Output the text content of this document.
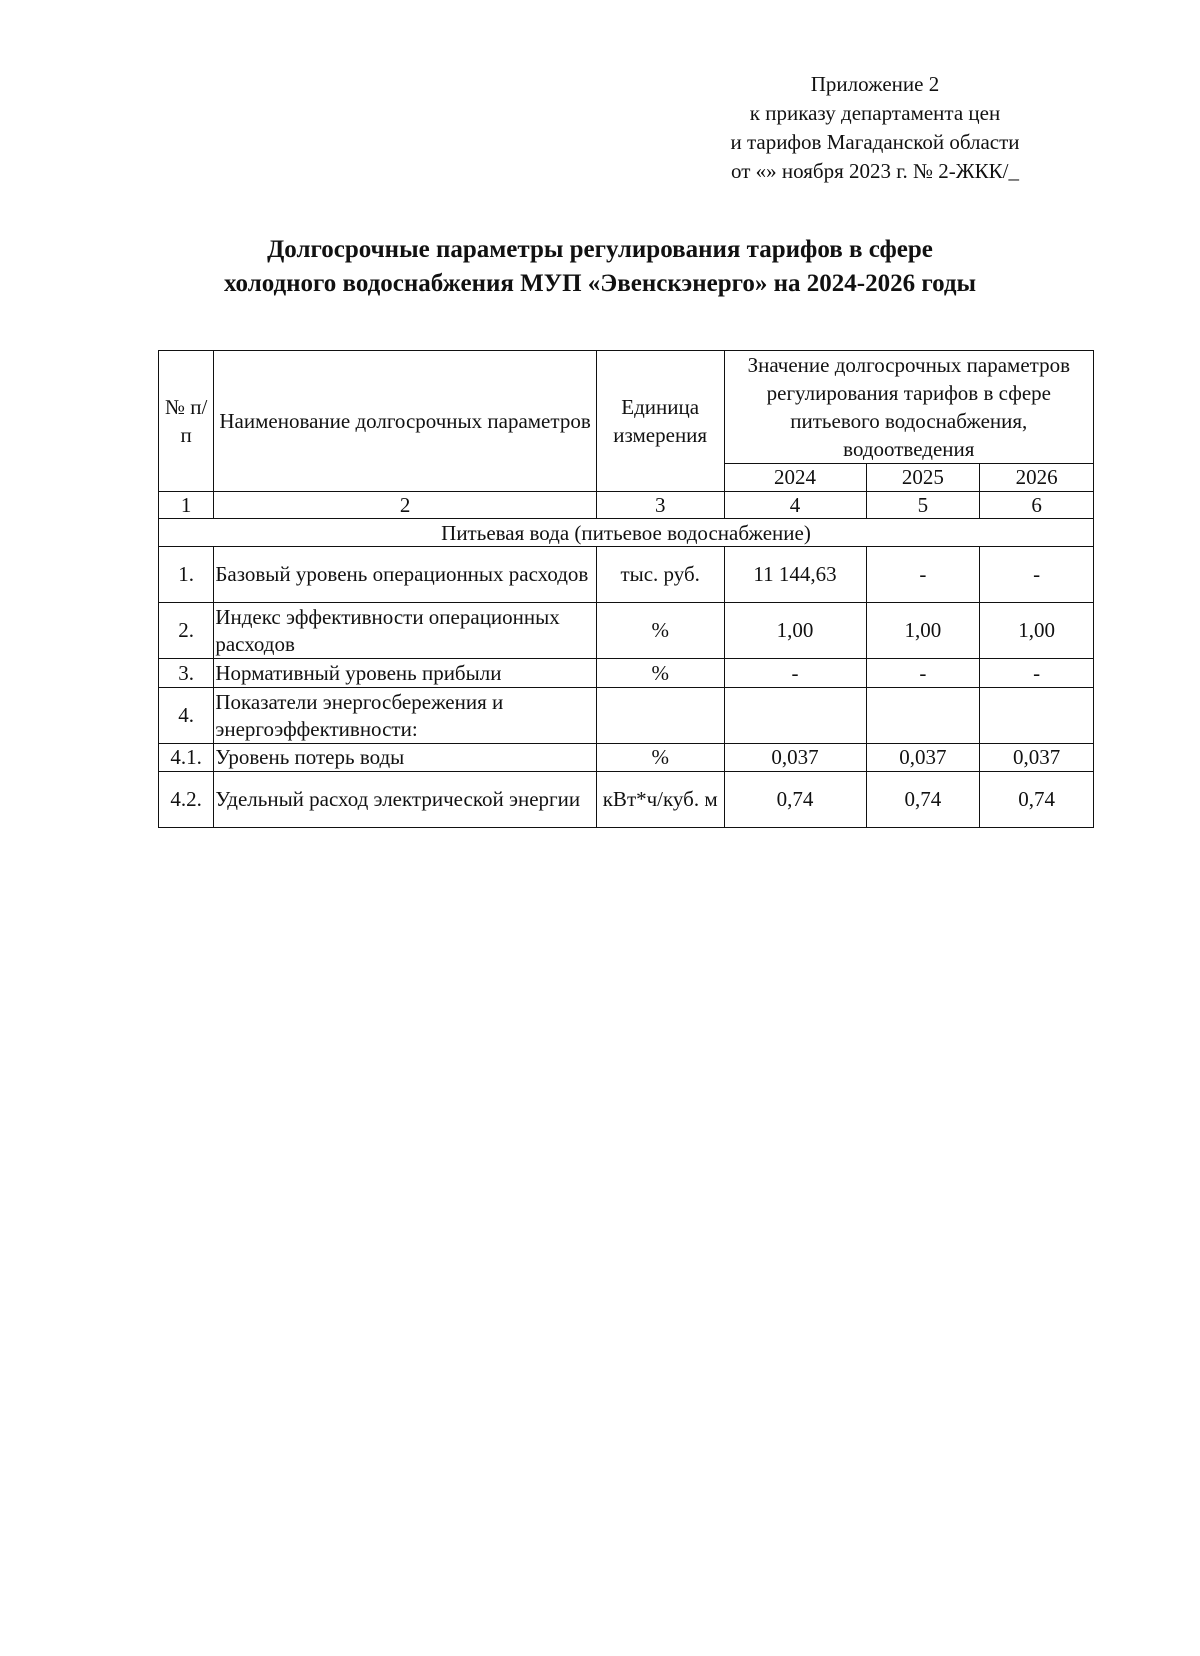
Приложение 2
к приказу департамента цен
и тарифов Магаданской области
от «» ноября 2023 г. № 2-ЖКК/_
Долгосрочные параметры регулирования тарифов в сфере
холодного водоснабжения МУП «Эвенскэнерго» на 2024-2026 годы
№ п/п	Наименование долгосрочных параметров	Единица измерения	Значение долгосрочных параметров регулирования тарифов в сфере питьевого водоснабжения, водоотведения		
			2024	2025	2026
1	2	3	4	5	6
Питьевая вода (питьевое водоснабжение)					
1.	Базовый уровень операционных расходов	тыс. руб.	11 144,63	-	-
2.	Индекс эффективности операционных расходов	%	1,00	1,00	1,00
3.	Нормативный уровень прибыли	%	-	-	-
4.	Показатели энергосбережения и энергоэффективности:				
4.1.	Уровень потерь воды	%	0,037	0,037	0,037
4.2.	Удельный расход электрической энергии	кВт*ч/куб. м	0,74	0,74	0,74
